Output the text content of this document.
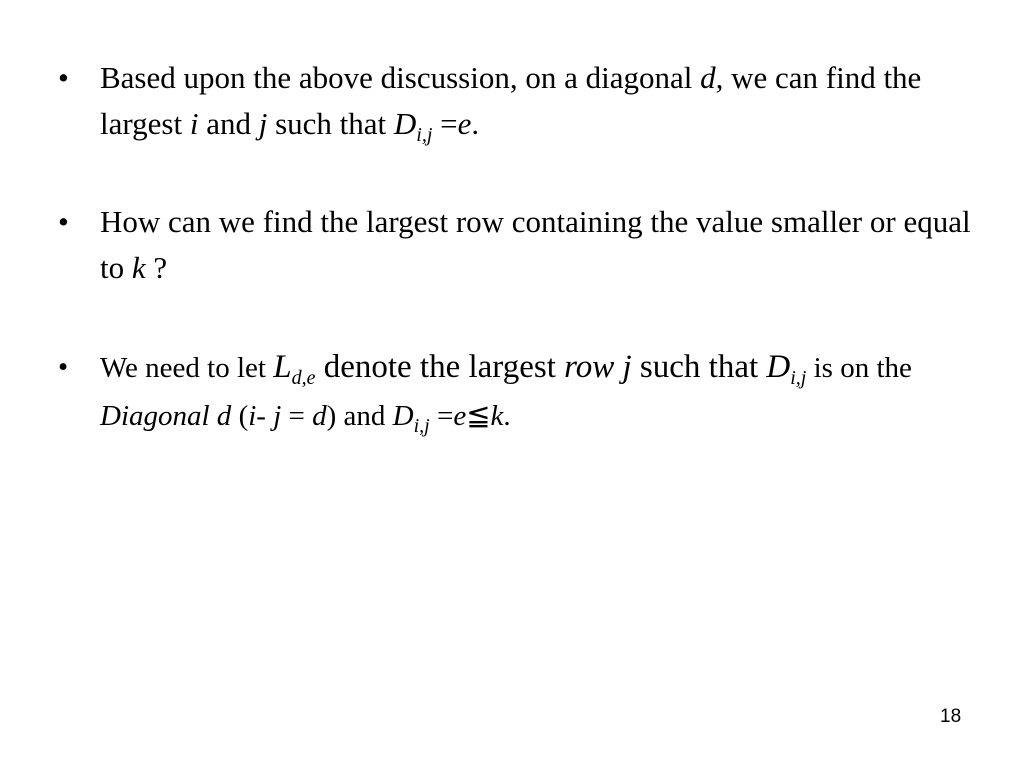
• Based upon the above discussion, on a diagonal d, we can find the largest i and j such that $D_{i,j} =e$.
• How can we find the largest row containing the value smaller or equal to k ?
• We need to let $L_{d,e}$ denote the largest row j such that $D_{i,j}$ is on the Diagonal d (i- j = d) and $D_{i,j}$ =e≦k.
18
